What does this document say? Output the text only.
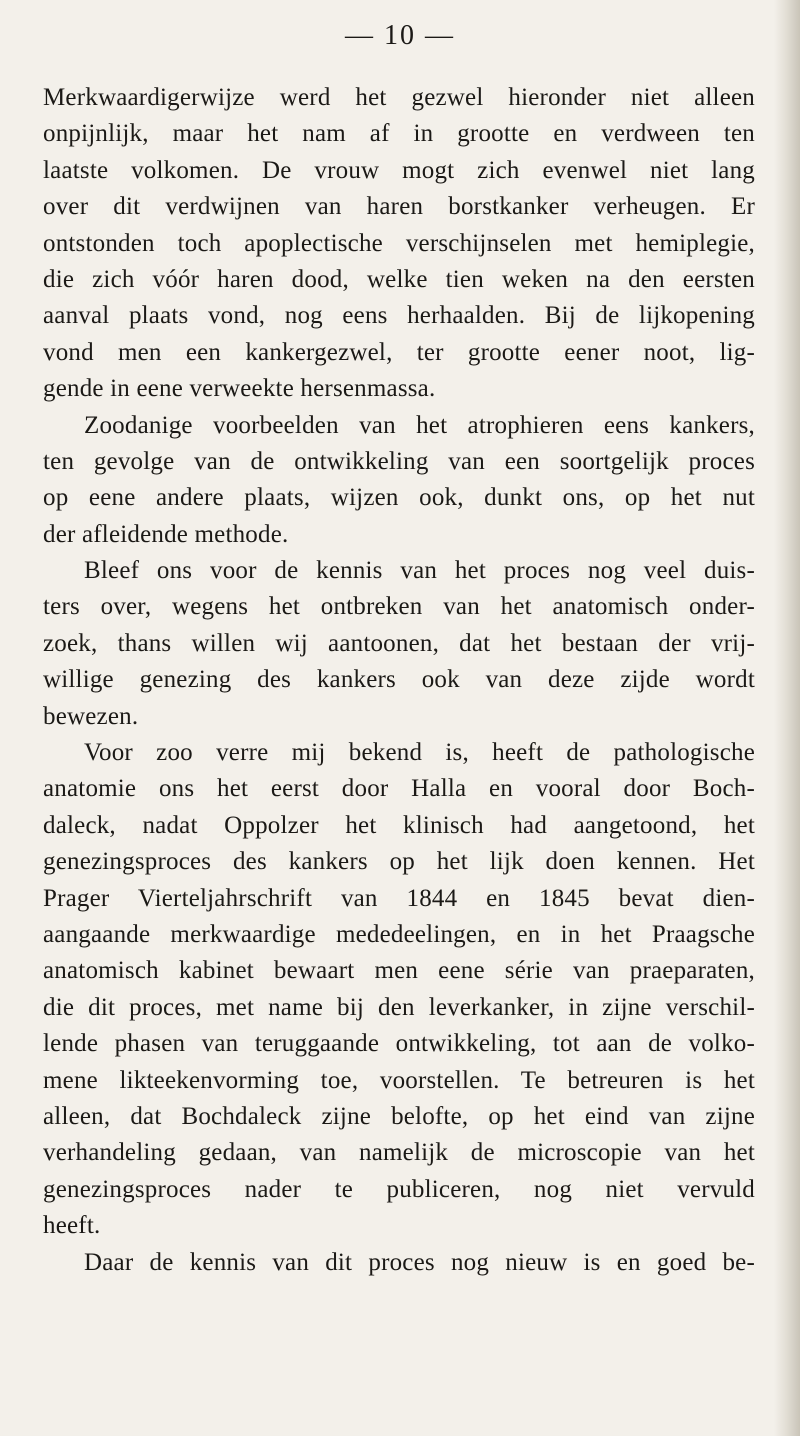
— 10 —
Merkwaardigerwijze werd het gezwel hieronder niet alleen
onpijnlijk, maar het nam af in grootte en verdween ten
laatste volkomen. De vrouw mogt zich evenwel niet lang
over dit verdwijnen van haren borstkanker verheugen. Er
ontstonden toch apoplectische verschijnselen met hemiplegie,
die zich vóór haren dood, welke tien weken na den eersten
aanval plaats vond, nog eens herhaalden. Bij de lijkopening
vond men een kankergezwel, ter grootte eener noot, lig-
gende in eene verweekte hersenmassa.
Zoodanige voorbeelden van het atrophieren eens kankers,
ten gevolge van de ontwikkeling van een soortgelijk proces
op eene andere plaats, wijzen ook, dunkt ons, op het nut
der afleidende methode.
Bleef ons voor de kennis van het proces nog veel duis-
ters over, wegens het ontbreken van het anatomisch onder-
zoek, thans willen wij aantoonen, dat het bestaan der vrij-
willige genezing des kankers ook van deze zijde wordt
bewezen.
Voor zoo verre mij bekend is, heeft de pathologische
anatomie ons het eerst door Halla en vooral door Boch-
daleck, nadat Oppolzer het klinisch had aangetoond, het
genezingsproces des kankers op het lijk doen kennen. Het
Prager Vierteljahrschrift van 1844 en 1845 bevat dien-
aangaande merkwaardige mededeelingen, en in het Praagsche
anatomisch kabinet bewaart men eene série van praeparaten,
die dit proces, met name bij den leverkanker, in zijne verschil-
lende phasen van teruggaande ontwikkeling, tot aan de volko-
mene likteekenvorming toe, voorstellen. Te betreuren is het
alleen, dat Bochdaleck zijne belofte, op het eind van zijne
verhandeling gedaan, van namelijk de microscopie van het
genezingsproces nader te publiceren, nog niet vervuld
heeft.
Daar de kennis van dit proces nog nieuw is en goed be-
